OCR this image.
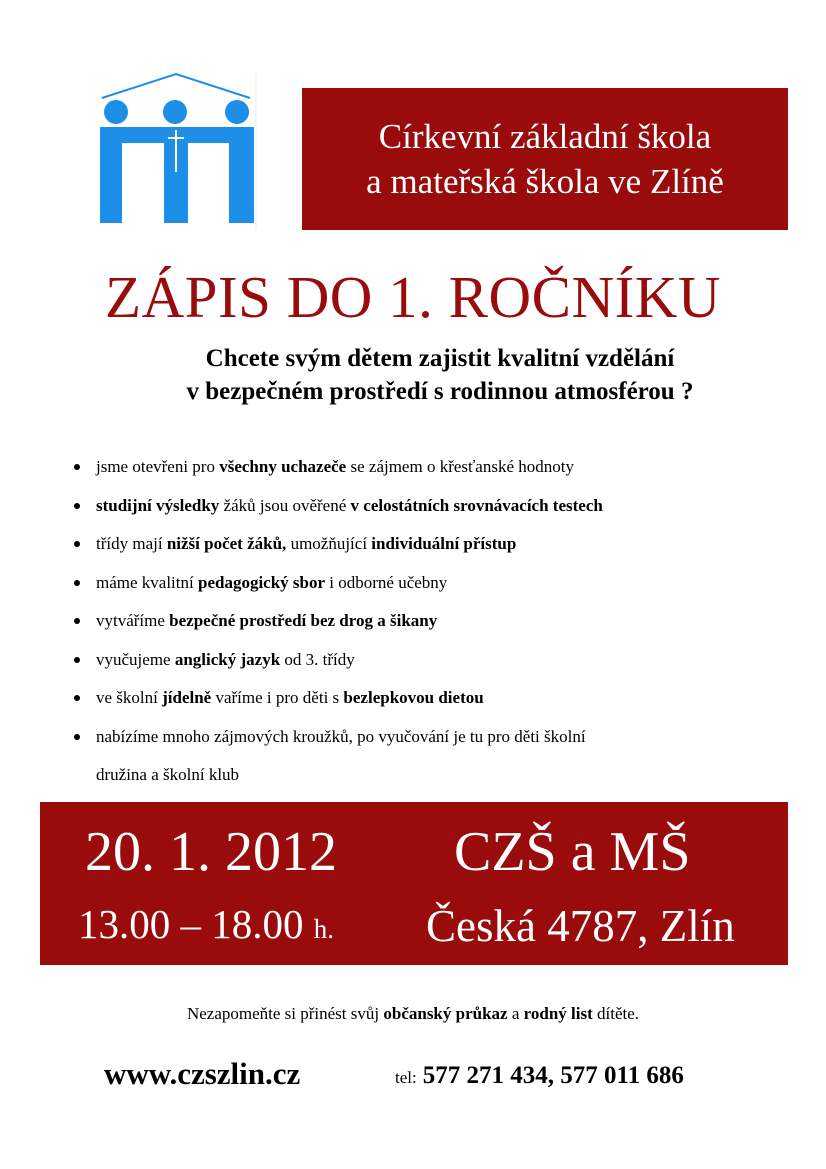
Církevní základní škola
a mateřská škola ve Zlíně
ZÁPIS DO 1. ROČNÍKU
Chcete svým dětem zajistit kvalitní vzdělání
v bezpečném prostředí s rodinnou atmosférou ?
jsme otevřeni pro všechny uchazeče se zájmem o křesťanské hodnoty
studijní výsledky žáků jsou ověřené v celostátních srovnávacích testech
třídy mají nižší počet žáků, umožňující individuální přístup
máme kvalitní pedagogický sbor i odborné učebny
vytváříme bezpečné prostředí bez drog a šikany
vyučujeme anglický jazyk od 3. třídy
ve školní jídelně vaříme i pro děti s bezlepkovou dietou
nabízíme mnoho zájmových kroužků, po vyučování je tu pro děti školní
družina a školní klub
20. 1. 2012
13.00 – 18.00 h.
CZŠ a MŠ
Česká 4787, Zlín
Nezapomeňte si přinést svůj občanský průkaz a rodný list dítěte.
www.czszlin.cz	tel: 577 271 434, 577 011 686
